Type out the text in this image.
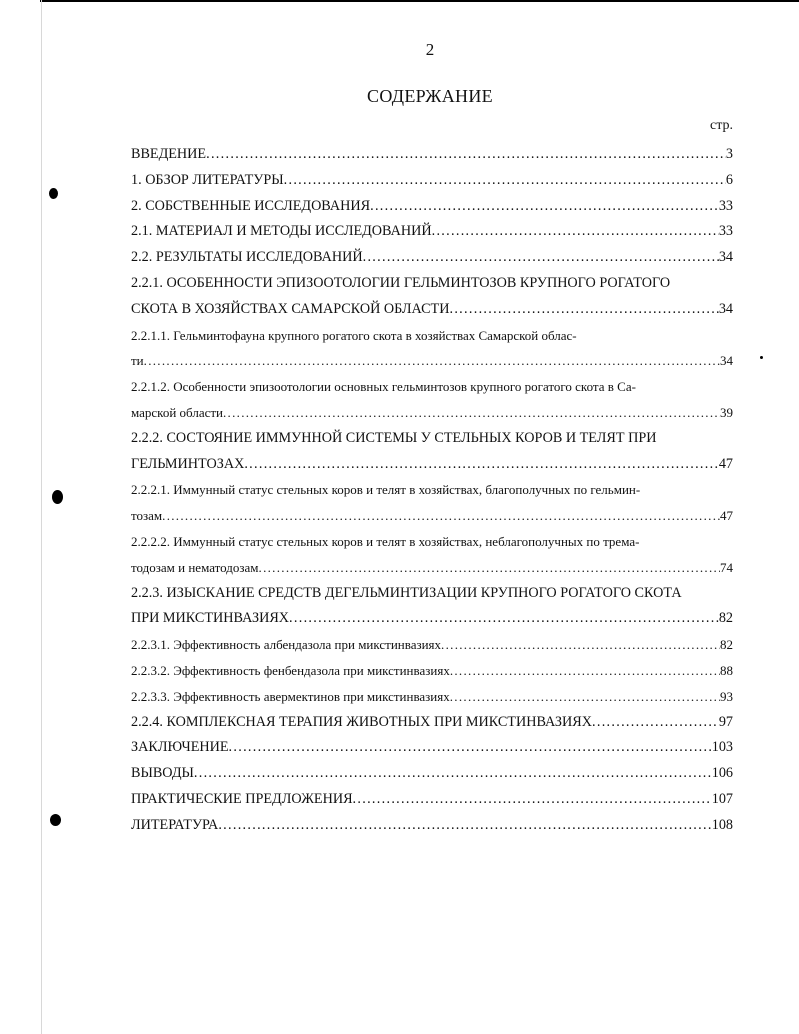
2
СОДЕРЖАНИЕ
стр.
ВВЕДЕНИЕ .....	3
1. ОБЗОР ЛИТЕРАТУРЫ .....	6
2. СОБСТВЕННЫЕ ИССЛЕДОВАНИЯ .....	33
2.1. МАТЕРИАЛ И МЕТОДЫ ИССЛЕДОВАНИЙ .....	33
2.2. РЕЗУЛЬТАТЫ ИССЛЕДОВАНИЙ .....	34
2.2.1. ОСОБЕННОСТИ ЭПИЗООТОЛОГИИ ГЕЛЬМИНТОЗОВ КРУПНОГО РОГАТОГО
СКОТА В ХОЗЯЙСТВАХ САМАРСКОЙ ОБЛАСТИ .....	34
2.2.1.1. Гельминтофауна крупного рогатого скота в хозяйствах Самарской облас-
ти .....	34
2.2.1.2. Особенности эпизоотологии основных гельминтозов крупного рогатого скота в Са-
марской области .....	39
2.2.2. СОСТОЯНИЕ ИММУННОЙ СИСТЕМЫ У СТЕЛЬНЫХ КОРОВ И ТЕЛЯТ ПРИ
ГЕЛЬМИНТОЗАХ .....	47
2.2.2.1. Иммунный статус стельных коров и телят в хозяйствах, благополучных по гельмин-
тозам .....	47
2.2.2.2. Иммунный статус стельных коров и телят в хозяйствах, неблагополучных по трема-
тодозам и нематодозам .....	74
2.2.3. ИЗЫСКАНИЕ СРЕДСТВ ДЕГЕЛЬМИНТИЗАЦИИ КРУПНОГО РОГАТОГО СКОТА
ПРИ МИКСТИНВАЗИЯХ .....	82
2.2.3.1. Эффективность албендазола при микстинвазиях .....	82
2.2.3.2. Эффективность фенбендазола при микстинвазиях .....	88
2.2.3.3. Эффективность авермектинов при микстинвазиях .....	93
2.2.4. КОМПЛЕКСНАЯ ТЕРАПИЯ ЖИВОТНЫХ ПРИ МИКСТИНВАЗИЯХ .....	97
ЗАКЛЮЧЕНИЕ .....	103
ВЫВОДЫ .....	106
ПРАКТИЧЕСКИЕ ПРЕДЛОЖЕНИЯ .....	107
ЛИТЕРАТУРА .....	108
